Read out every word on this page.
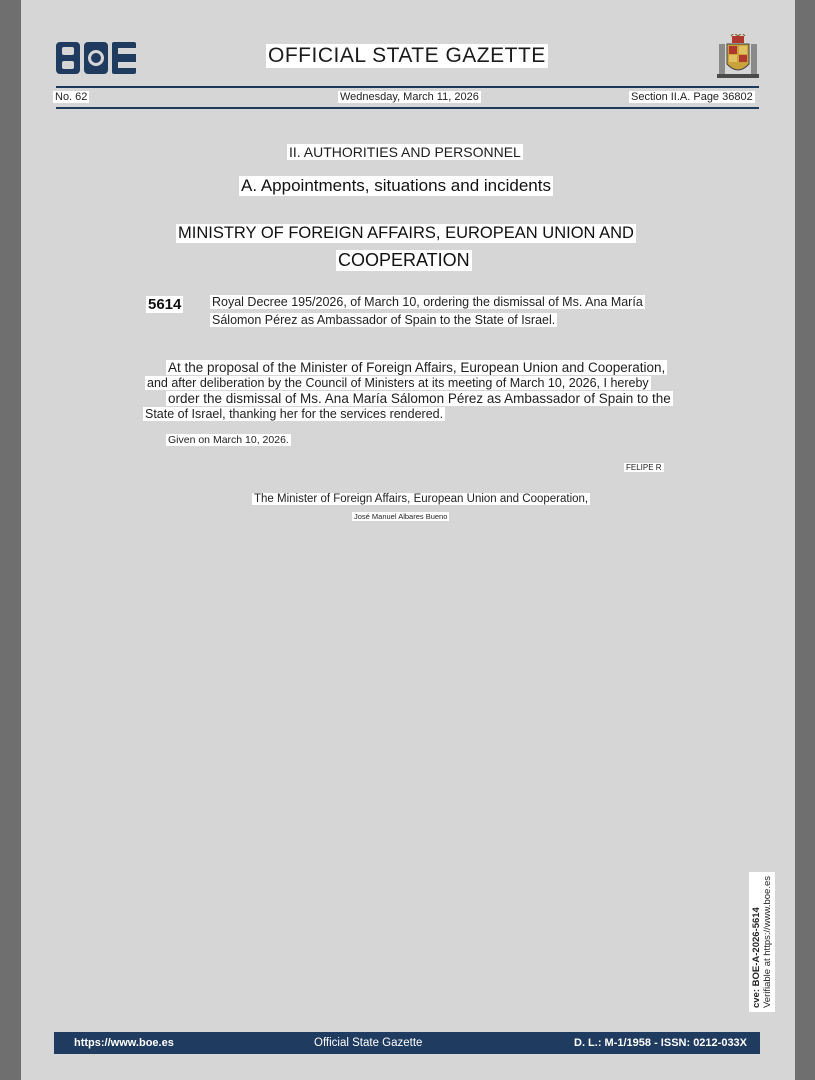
OFFICIAL STATE GAZETTE
No. 62	Wednesday, March 11, 2026	Section II.A. Page 36802
II. AUTHORITIES AND PERSONNEL
A. Appointments, situations and incidents
MINISTRY OF FOREIGN AFFAIRS, EUROPEAN UNION AND
COOPERATION
5614 Royal Decree 195/2026, of March 10, ordering the dismissal of Ms. Ana María
Sálomon Pérez as Ambassador of Spain to the State of Israel.
At the proposal of the Minister of Foreign Affairs, European Union and Cooperation,
and after deliberation by the Council of Ministers at its meeting of March 10, 2026, I hereby
order the dismissal of Ms. Ana María Sálomon Pérez as Ambassador of Spain to the
State of Israel, thanking her for the services rendered.
Given on March 10, 2026.
FELIPE R
The Minister of Foreign Affairs, European Union and Cooperation,
José Manuel Albares Bueno
cve: BOE-A-2026-5614 Verifiable at https://www.boe.es
https://www.boe.es	Official State Gazette	D. L.: M-1/1958 - ISSN: 0212-033X
